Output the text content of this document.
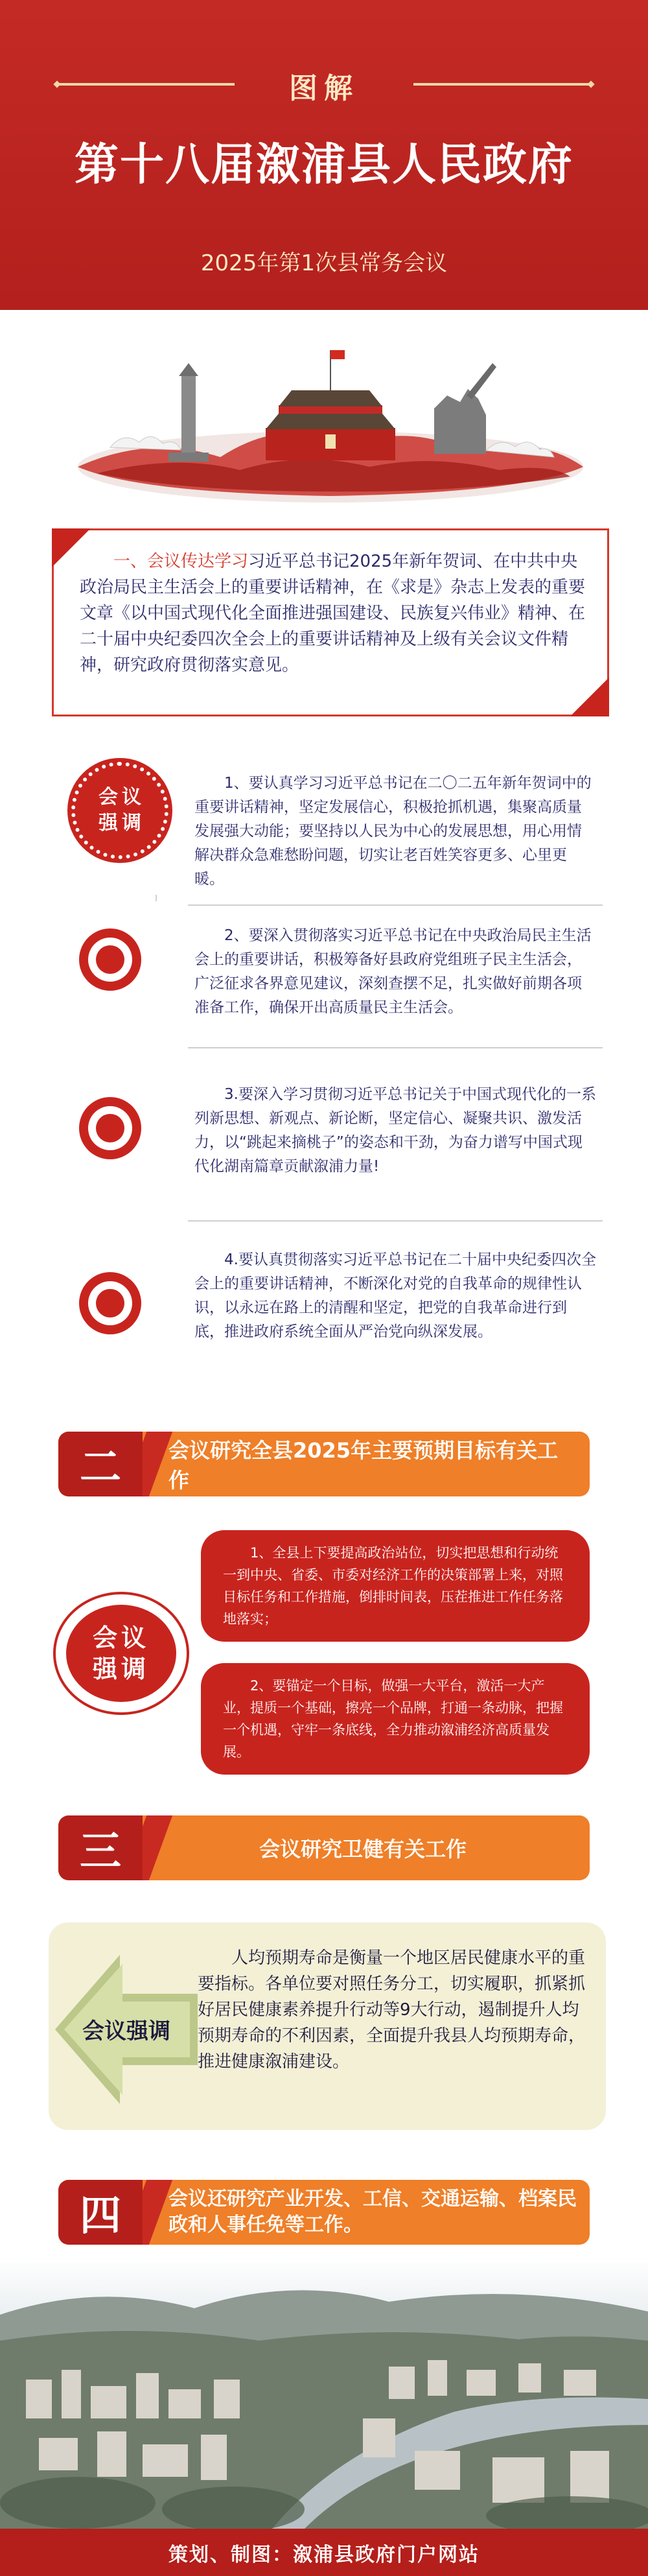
图解
第十八届溆浦县人民政府
2025年第1次县常务会议

一、会议传达学习习近平总书记2025年新年贺词、在中共中央政治局民主生活会上的重要讲话精神，在《求是》杂志上发表的重要文章《以中国式现代化全面推进强国建设、民族复兴伟业》精神、在二十届中央纪委四次全会上的重要讲话精神及上级有关会议文件精神，研究政府贯彻落实意见。

会议强调

1、要认真学习习近平总书记在二〇二五年新年贺词中的重要讲话精神，坚定发展信心，积极抢抓机遇，集聚高质量发展强大动能；要坚持以人民为中心的发展思想，用心用情解决群众急难愁盼问题，切实让老百姓笑容更多、心里更暖。

2、要深入贯彻落实习近平总书记在中央政治局民主生活会上的重要讲话，积极筹备好县政府党组班子民主生活会，广泛征求各界意见建议，深刻查摆不足，扎实做好前期各项准备工作，确保开出高质量民主生活会。

3.要深入学习贯彻习近平总书记关于中国式现代化的一系列新思想、新观点、新论断，坚定信心、凝聚共识、激发活力，以“跳起来摘桃子”的姿态和干劲，为奋力谱写中国式现代化湖南篇章贡献溆浦力量!

4.要认真贯彻落实习近平总书记在二十届中央纪委四次全会上的重要讲话精神，不断深化对党的自我革命的规律性认识，以永远在路上的清醒和坚定，把党的自我革命进行到底，推进政府系统全面从严治党向纵深发展。

二	会议研究全县2025年主要预期目标有关工作
会议强调

1、全县上下要提高政治站位，切实把思想和行动统一到中央、省委、市委对经济工作的决策部署上来，对照目标任务和工作措施，倒排时间表，压茬推进工作任务落地落实；

2、要锚定一个目标，做强一大平台，激活一大产业，提质一个基础，擦亮一个品牌，打通一条动脉，把握一个机遇，守牢一条底线，全力推动溆浦经济高质量发展。

三	会议研究卫健有关工作
会议强调

人均预期寿命是衡量一个地区居民健康水平的重要指标。各单位要对照任务分工，切实履职，抓紧抓好居民健康素养提升行动等9大行动，遏制提升人均预期寿命的不利因素，全面提升我县人均预期寿命，推进健康溆浦建设。

四	会议还研究产业开发、工信、交通运输、档案民政和人事任免等工作。
策划、制图：溆浦县政府门户网站
